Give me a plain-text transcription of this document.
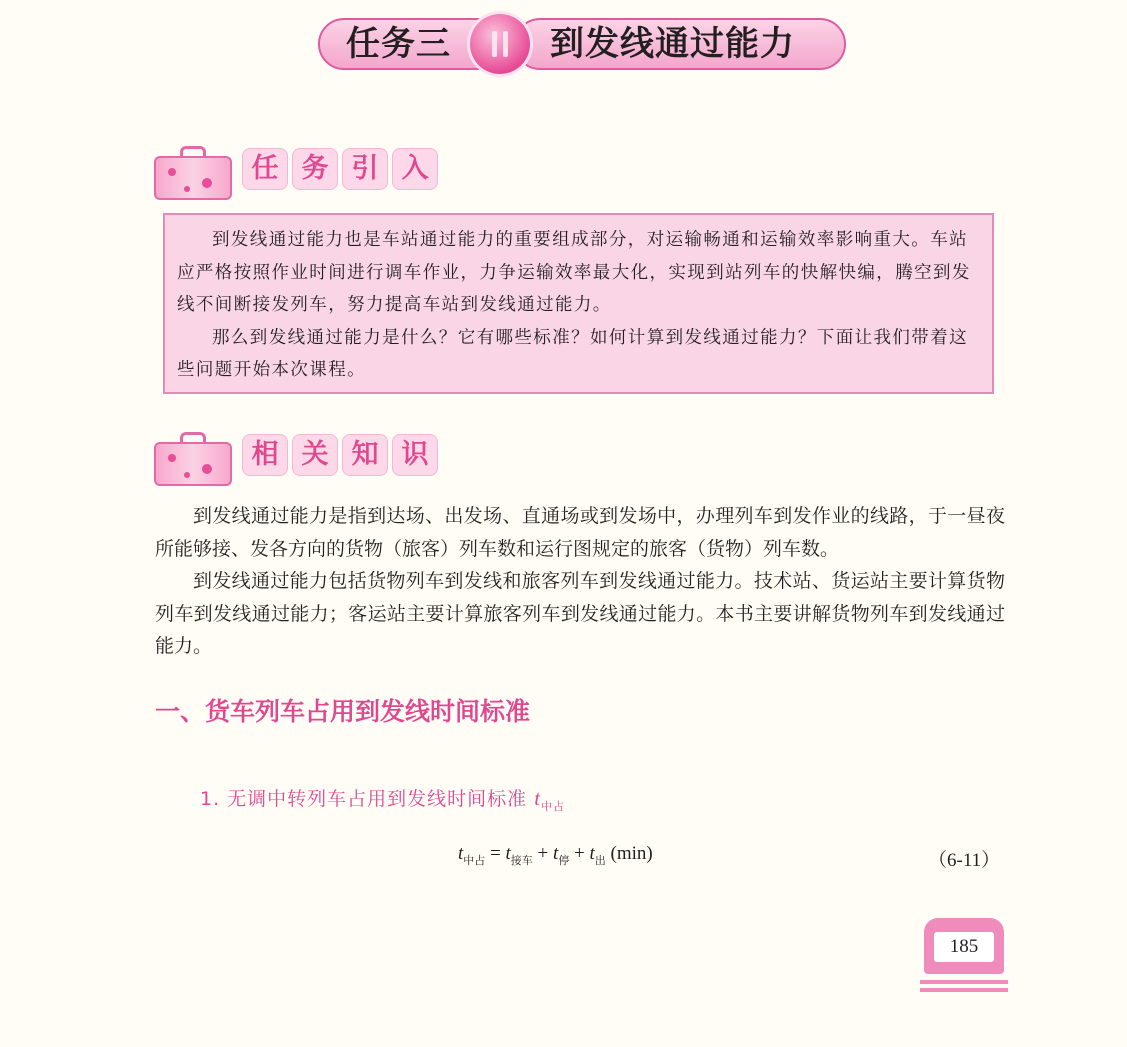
任务三	到发线通过能力
任 务 引 入

到发线通过能力也是车站通过能力的重要组成部分，对运输畅通和运输效率影响重大。车站应严格按照作业时间进行调车作业，力争运输效率最大化，实现到站列车的快解快编，腾空到发线不间断接发列车，努力提高车站到发线通过能力。

那么到发线通过能力是什么？它有哪些标准？如何计算到发线通过能力？下面让我们带着这些问题开始本次课程。

相 关 知 识

到发线通过能力是指到达场、出发场、直通场或到发场中，办理列车到发作业的线路，于一昼夜所能够接、发各方向的货物（旅客）列车数和运行图规定的旅客（货物）列车数。

到发线通过能力包括货物列车到发线和旅客列车到发线通过能力。技术站、货运站主要计算货物列车到发线通过能力；客运站主要计算旅客列车到发线通过能力。本书主要讲解货物列车到发线通过能力。

一、货车列车占用到发线时间标准
1. 无调中转列车占用到发线时间标准 $t_{中占}$
$t_{中占} = t_{接车} + t_停 + t_出$ (min)	（6-11）
185
